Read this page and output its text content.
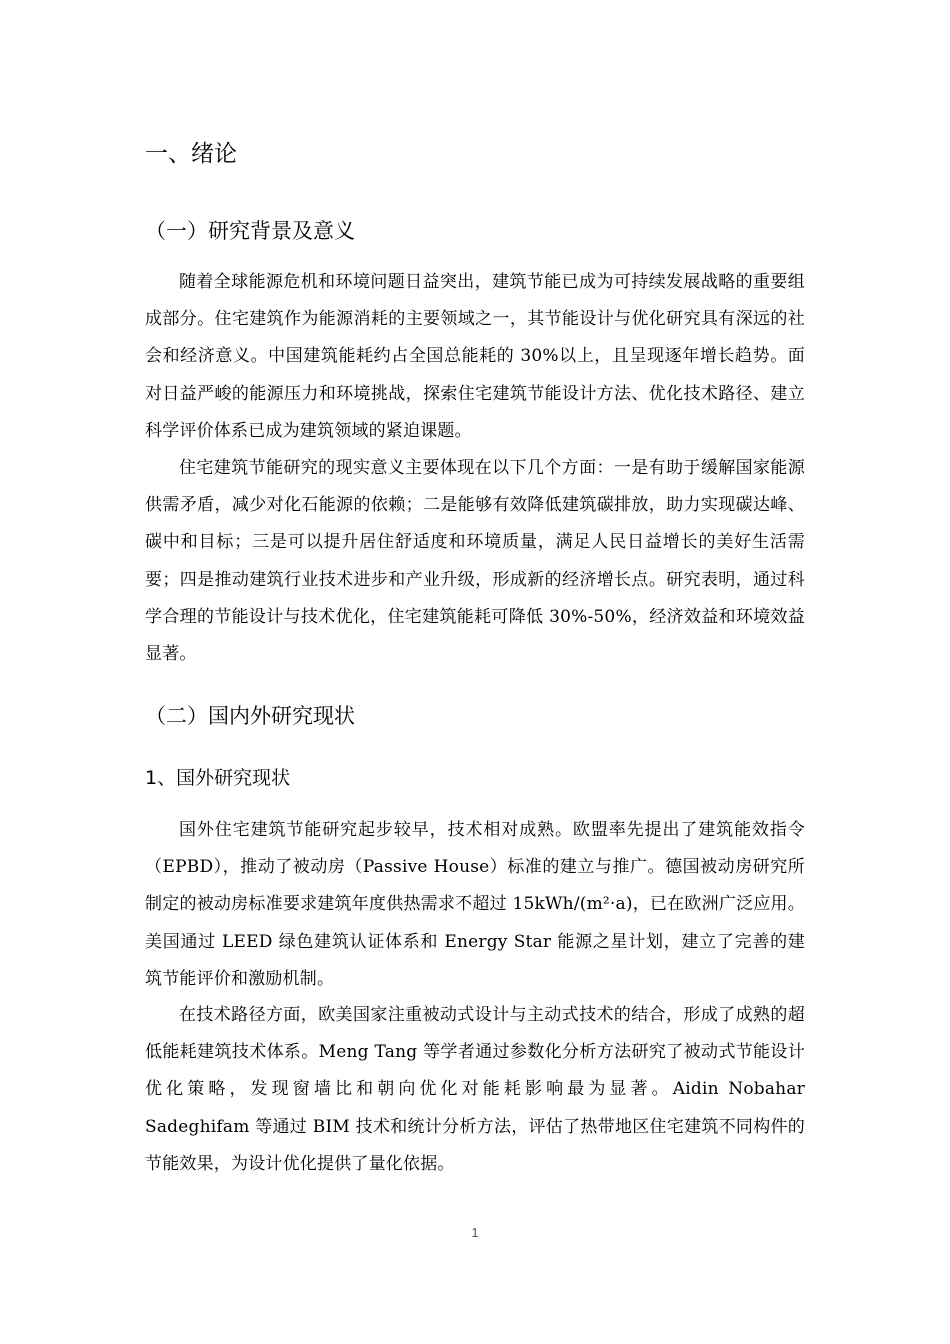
一、绪论
（一）研究背景及意义

随着全球能源危机和环境问题日益突出，建筑节能已成为可持续发展战略的重要组成部分。住宅建筑作为能源消耗的主要领域之一，其节能设计与优化研究具有深远的社会和经济意义。中国建筑能耗约占全国总能耗的 30%以上，且呈现逐年增长趋势。面对日益严峻的能源压力和环境挑战，探索住宅建筑节能设计方法、优化技术路径、建立科学评价体系已成为建筑领域的紧迫课题。

住宅建筑节能研究的现实意义主要体现在以下几个方面：一是有助于缓解国家能源供需矛盾，减少对化石能源的依赖；二是能够有效降低建筑碳排放，助力实现碳达峰、碳中和目标；三是可以提升居住舒适度和环境质量，满足人民日益增长的美好生活需要；四是推动建筑行业技术进步和产业升级，形成新的经济增长点。研究表明，通过科学合理的节能设计与技术优化，住宅建筑能耗可降低 30%-50%，经济效益和环境效益显著。

（二）国内外研究现状
1、国外研究现状

国外住宅建筑节能研究起步较早，技术相对成熟。欧盟率先提出了建筑能效指令（EPBD），推动了被动房（Passive House）标准的建立与推广。德国被动房研究所制定的被动房标准要求建筑年度供热需求不超过 15kWh/(m²·a)，已在欧洲广泛应用。美国通过 LEED 绿色建筑认证体系和 Energy Star 能源之星计划，建立了完善的建筑节能评价和激励机制。

在技术路径方面，欧美国家注重被动式设计与主动式技术的结合，形成了成熟的超低能耗建筑技术体系。Meng Tang 等学者通过参数化分析方法研究了被动式节能设计优化策略，发现窗墙比和朝向优化对能耗影响最为显著。Aidin Nobahar Sadeghifam 等通过 BIM 技术和统计分析方法，评估了热带地区住宅建筑不同构件的节能效果，为设计优化提供了量化依据。

1
